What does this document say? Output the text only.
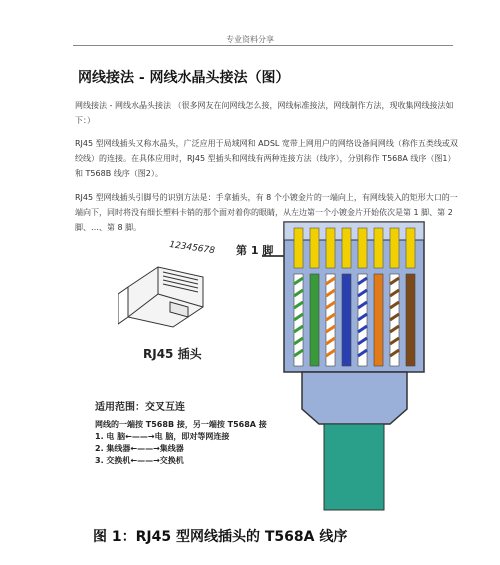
专业资料分享
网线接法 - 网线水晶头接法（图）
网线接法 - 网线水晶头接法 （很多网友在问网线怎么接，网线标准接法，网线制作方法，现收集网线接法如下：）
RJ45 型网线插头又称水晶头，广泛应用于局域网和 ADSL 宽带上网用户的网络设备间网线（称作五类线或双绞线）的连接。在具体应用时，RJ45 型插头和网线有两种连接方法（线序），分别称作 T568A 线序（图1）和 T568B 线序（图2）。
RJ45 型网线插头引脚号的识别方法是：手拿插头，有 8 个小镀金片的一端向上，有网线装入的矩形大口的一端向下，同时将没有细长塑料卡销的那个面对着你的眼睛，从左边第一个小镀金片开始依次是第 1 脚、第 2 脚、…、第 8 脚。
12345678
RJ45 插头
第 1 脚
适用范围：交叉互连
网线的一端按 T568B 接，另一端按 T568A 接
1. 电 脑←——→电 脑，即对等网连接
2. 集线器←——→集线器
3. 交换机←——→交换机
图 1：RJ45 型网线插头的 T568A 线序
